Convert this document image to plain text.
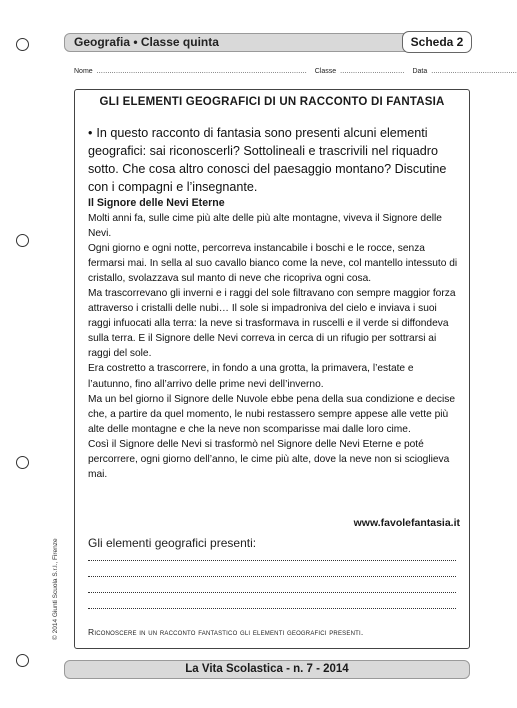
Geografia • Classe quinta	Scheda 2
Nome .................................................................................................. Classe .............................. Data ........................................
GLI ELEMENTI GEOGRAFICI DI UN RACCONTO DI FANTASIA
• In questo racconto di fantasia sono presenti alcuni elementi geografici: sai riconoscerli? Sottolineali e trascrivili nel riquadro sotto. Che cosa altro conosci del paesaggio montano? Discutine con i compagni e l’insegnante.
Il Signore delle Nevi Eterne
Molti anni fa, sulle cime più alte delle più alte montagne, viveva il Signore delle Nevi.
Ogni giorno e ogni notte, percorreva instancabile i boschi e le rocce, senza fermarsi mai. In sella al suo cavallo bianco come la neve, col mantello intessuto di cristallo, svolazzava sul manto di neve che ricopriva ogni cosa.
Ma trascorrevano gli inverni e i raggi del sole filtravano con sempre maggior forza attraverso i cristalli delle nubi… Il sole si impadroniva del cielo e inviava i suoi raggi infuocati alla terra: la neve si trasformava in ruscelli e il verde si diffondeva sulla terra. E il Signore delle Nevi correva in cerca di un rifugio per sottrarsi ai raggi del sole.
Era costretto a trascorrere, in fondo a una grotta, la primavera, l’estate e l’autunno, fino all’arrivo delle prime nevi dell’inverno.
Ma un bel giorno il Signore delle Nuvole ebbe pena della sua condizione e decise che, a partire da quel momento, le nubi restassero sempre appese alle vette più alte delle montagne e che la neve non scomparisse mai dalle loro cime.
Così il Signore delle Nevi si trasformò nel Signore delle Nevi Eterne e poté percorrere, ogni giorno dell’anno, le cime più alte, dove la neve non si scioglieva mai.
www.favolefantasia.it
Gli elementi geografici presenti:
Riconoscere in un racconto fantastico gli elementi geografici presenti.
© 2014 Giunti Scuola S.r.l., Firenze
La Vita Scolastica - n. 7 - 2014
